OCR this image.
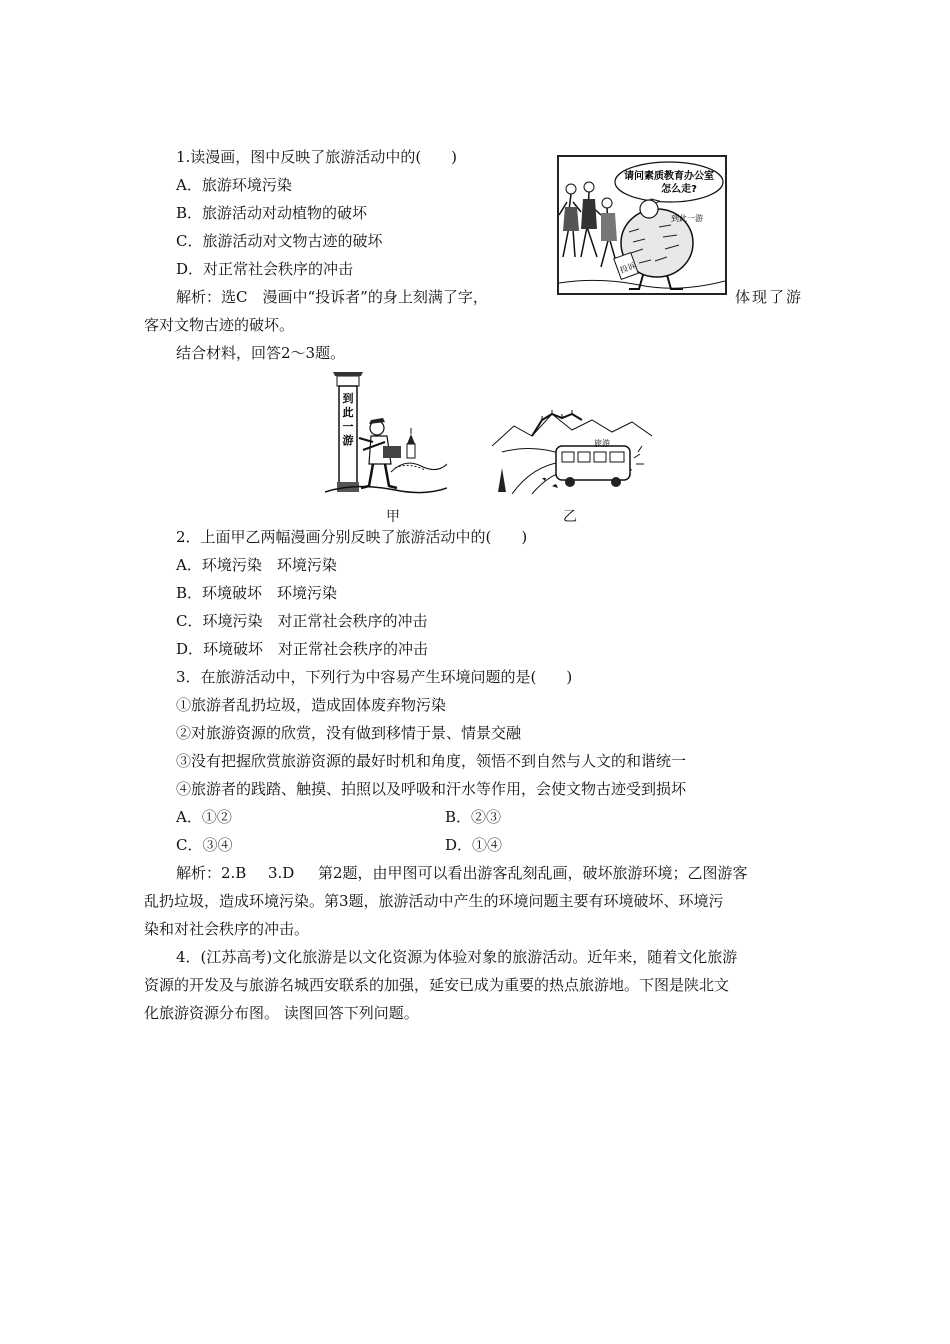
1.读漫画，图中反映了旅游活动中的(　　)
A．旅游环境污染
B．旅游活动对动植物的破坏
C．旅游活动对文物古迹的破坏
D．对正常社会秩序的冲击
解析：选C　漫画中“投诉者”的身上刻满了字，	体现了游
客对文物古迹的破坏。
请问素质教育办公室
怎么走?
到此一游
投诉
结合材料，回答2～3题。
到
此
一
游
甲
旅游
乙
2．上面甲乙两幅漫画分别反映了旅游活动中的(　　)
A．环境污染　环境污染
B．环境破坏　环境污染
C．环境污染　对正常社会秩序的冲击
D．环境破坏　对正常社会秩序的冲击
3．在旅游活动中，下列行为中容易产生环境问题的是(　　)
①旅游者乱扔垃圾，造成固体废弃物污染
②对旅游资源的欣赏，没有做到移情于景、情景交融
③没有把握欣赏旅游资源的最好时机和角度，领悟不到自然与人文的和谐统一
④旅游者的践踏、触摸、拍照以及呼吸和汗水等作用，会使文物古迹受到损坏
A．①②	B．②③
C．③④	D．①④
解析：2.B 3.D 第2题，由甲图可以看出游客乱刻乱画，破坏旅游环境；乙图游客
乱扔垃圾，造成环境污染。第3题，旅游活动中产生的环境问题主要有环境破坏、环境污
染和对社会秩序的冲击。
4．(江苏高考)文化旅游是以文化资源为体验对象的旅游活动。近年来，随着文化旅游
资源的开发及与旅游名城西安联系的加强，延安已成为重要的热点旅游地。下图是陕北文
化旅游资源分布图。 读图回答下列问题。
